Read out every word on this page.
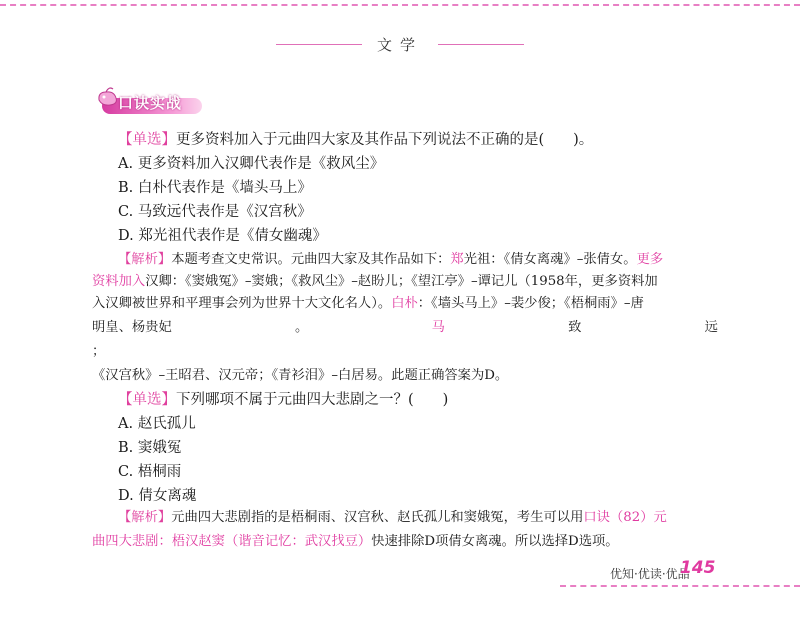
文学
口诀实战
【单选】更多资料加入于元曲四大家及其作品下列说法不正确的是(　　)。
A. 更多资料加入汉卿代表作是《救风尘》
B. 白朴代表作是《墙头马上》
C. 马致远代表作是《汉宫秋》
D. 郑光祖代表作是《倩女幽魂》
【解析】本题考查文史常识。元曲四大家及其作品如下：郑光祖：《倩女离魂》–张倩女。更多
资料加入汉卿：《窦娥冤》–窦娥；《救风尘》–赵盼儿；《望江亭》–谭记儿（1958年，更多资料加
入汉卿被世界和平理事会列为世界十大文化名人）。白朴：《墙头马上》–裴少俊；《梧桐雨》–唐
明皇、杨贵妃	。	马	致	远
；
《汉宫秋》–王昭君、汉元帝；《青衫泪》–白居易。此题正确答案为D。
【单选】下列哪项不属于元曲四大悲剧之一？(　　)
A. 赵氏孤儿
B. 窦娥冤
C. 梧桐雨
D. 倩女离魂
【解析】元曲四大悲剧指的是梧桐雨、汉宫秋、赵氏孤儿和窦娥冤，考生可以用口诀（82）元
曲四大悲剧：梧汉赵窦（谐音记忆：武汉找豆）快速排除D项倩女离魂。所以选择D选项。
优知·优读·优品
145
